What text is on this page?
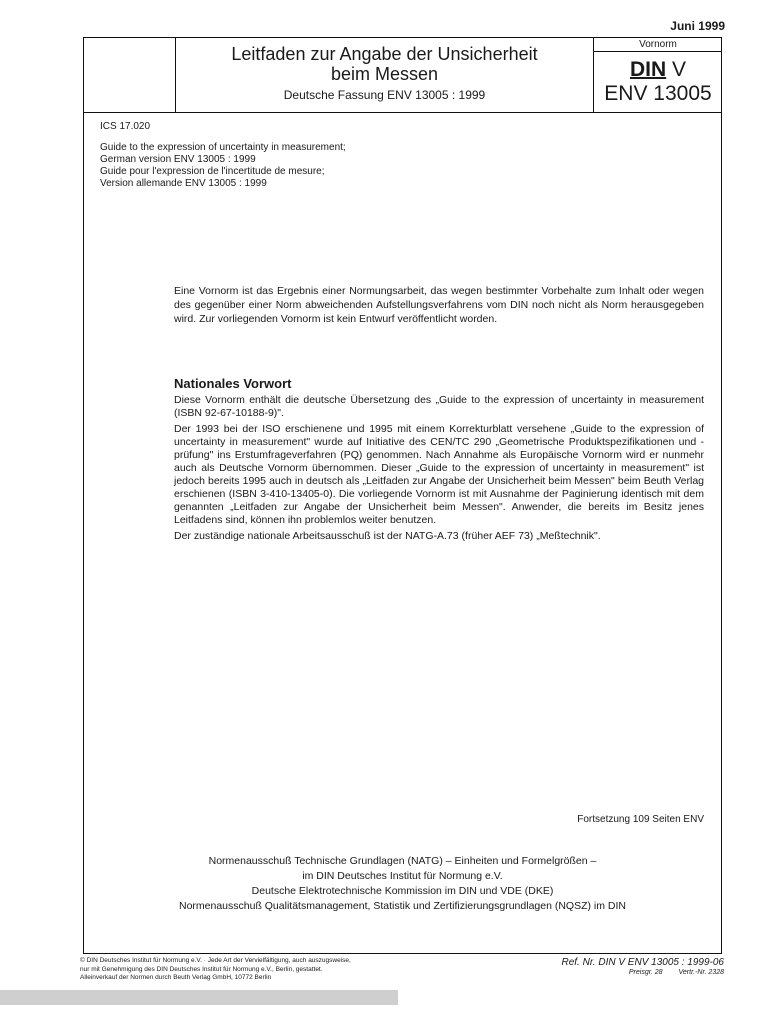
Juni 1999
Leitfaden zur Angabe der Unsicherheit
beim Messen
Deutsche Fassung ENV 13005 : 1999
Vornorm
DIN V
ENV 13005
ICS 17.020
Guide to the expression of uncertainty in measurement;
German version ENV 13005 : 1999
Guide pour l'expression de l'incertitude de mesure;
Version allemande ENV 13005 : 1999
Eine Vornorm ist das Ergebnis einer Normungsarbeit, das wegen bestimmter Vorbehalte zum Inhalt oder wegen des gegenüber einer Norm abweichenden Aufstellungsverfahrens vom DIN noch nicht als Norm herausgegeben wird. Zur vorliegenden Vornorm ist kein Entwurf veröffentlicht worden.
Nationales Vorwort

Diese Vornorm enthält die deutsche Übersetzung des „Guide to the expression of uncertainty in measurement (ISBN 92-67-10188-9)".

Der 1993 bei der ISO erschienene und 1995 mit einem Korrekturblatt versehene „Guide to the expression of uncertainty in measurement" wurde auf Initiative des CEN/TC 290 „Geometrische Produktspezifikationen und -prüfung" ins Erstumfrageverfahren (PQ) genommen. Nach Annahme als Europäische Vornorm wird er nunmehr auch als Deutsche Vornorm übernommen. Dieser „Guide to the expression of uncertainty in measurement" ist jedoch bereits 1995 auch in deutsch als „Leitfaden zur Angabe der Unsicherheit beim Messen" beim Beuth Verlag erschienen (ISBN 3-410-13405-0). Die vorliegende Vornorm ist mit Ausnahme der Paginierung identisch mit dem genannten „Leitfaden zur Angabe der Unsicherheit beim Messen". Anwender, die bereits im Besitz jenes Leitfadens sind, können ihn problemlos weiter benutzen.

Der zuständige nationale Arbeitsausschuß ist der NATG-A.73 (früher AEF 73) „Meßtechnik".

Fortsetzung 109 Seiten ENV
Normenausschuß Technische Grundlagen (NATG) – Einheiten und Formelgrößen –
im DIN Deutsches Institut für Normung e.V.
Deutsche Elektrotechnische Kommission im DIN und VDE (DKE)
Normenausschuß Qualitätsmanagement, Statistik und Zertifizierungsgrundlagen (NQSZ) im DIN
© DIN Deutsches Institut für Normung e.V. · Jede Art der Vervielfältigung, auch auszugsweise,
nur mit Genehmigung des DIN Deutsches Institut für Normung e.V., Berlin, gestattet.
Alleinverkauf der Normen durch Beuth Verlag GmbH, 10772 Berlin
Ref. Nr. DIN V ENV 13005 : 1999-06
Preisgr. 28 Vertr.-Nr. 2328
